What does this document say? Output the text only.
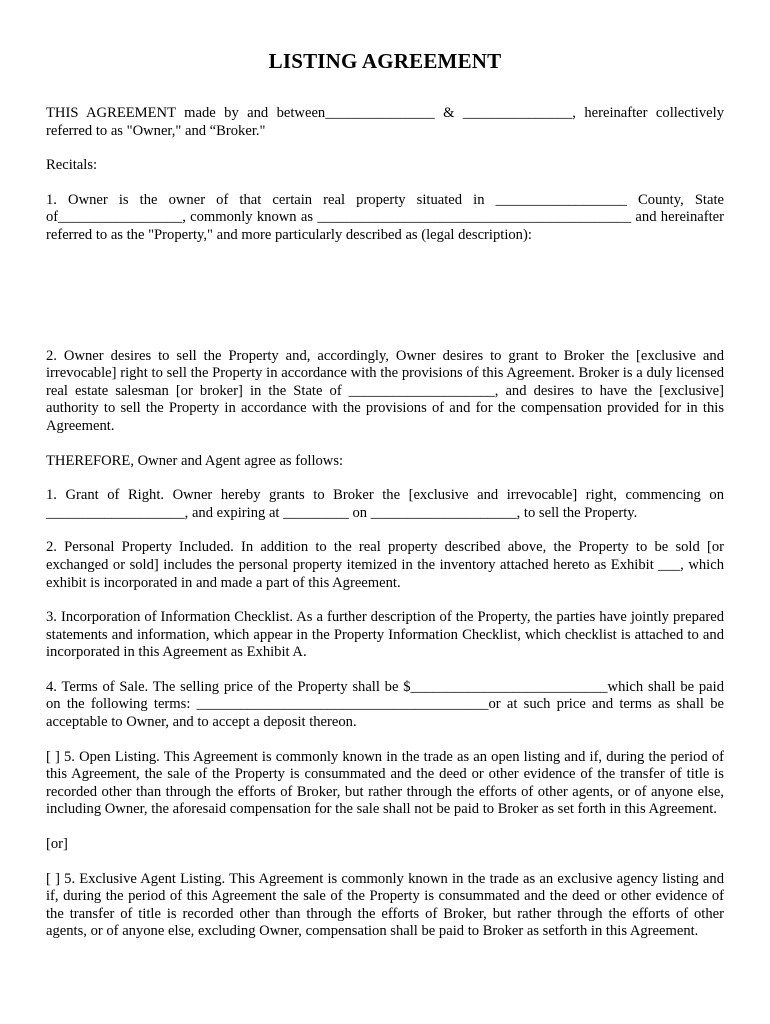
LISTING AGREEMENT

THIS AGREEMENT made by and between_______________ & _______________, hereinafter collectively referred to as "Owner," and “Broker."

Recitals:

1. Owner is the owner of that certain real property situated in __________________ County, State of_________________, commonly known as ___________________________________________ and hereinafter referred to as the "Property," and more particularly described as (legal description):

2. Owner desires to sell the Property and, accordingly, Owner desires to grant to Broker the [exclusive and irrevocable] right to sell the Property in accordance with the provisions of this Agreement. Broker is a duly licensed real estate salesman [or broker] in the State of ____________________, and desires to have the [exclusive] authority to sell the Property in accordance with the provisions of and for the compensation provided for in this Agreement.

THEREFORE, Owner and Agent agree as follows:

1. Grant of Right. Owner hereby grants to Broker the [exclusive and irrevocable] right, commencing on ___________________, and expiring at _________ on ____________________, to sell the Property.

2. Personal Property Included. In addition to the real property described above, the Property to be sold [or exchanged or sold] includes the personal property itemized in the inventory attached hereto as Exhibit ___, which exhibit is incorporated in and made a part of this Agreement.

3. Incorporation of Information Checklist. As a further description of the Property, the parties have jointly prepared statements and information, which appear in the Property Information Checklist, which checklist is attached to and incorporated in this Agreement as Exhibit A.

4. Terms of Sale. The selling price of the Property shall be $___________________________which shall be paid on the following terms: ________________________________________or at such price and terms as shall be acceptable to Owner, and to accept a deposit thereon.

[ ] 5. Open Listing. This Agreement is commonly known in the trade as an open listing and if, during the period of this Agreement, the sale of the Property is consummated and the deed or other evidence of the transfer of title is recorded other than through the efforts of Broker, but rather through the efforts of other agents, or of anyone else, including Owner, the aforesaid compensation for the sale shall not be paid to Broker as set forth in this Agreement.

[or]

[ ] 5. Exclusive Agent Listing. This Agreement is commonly known in the trade as an exclusive agency listing and if, during the period of this Agreement the sale of the Property is consummated and the deed or other evidence of the transfer of title is recorded other than through the efforts of Broker, but rather through the efforts of other agents, or of anyone else, excluding Owner, compensation shall be paid to Broker as setforth in this Agreement.
